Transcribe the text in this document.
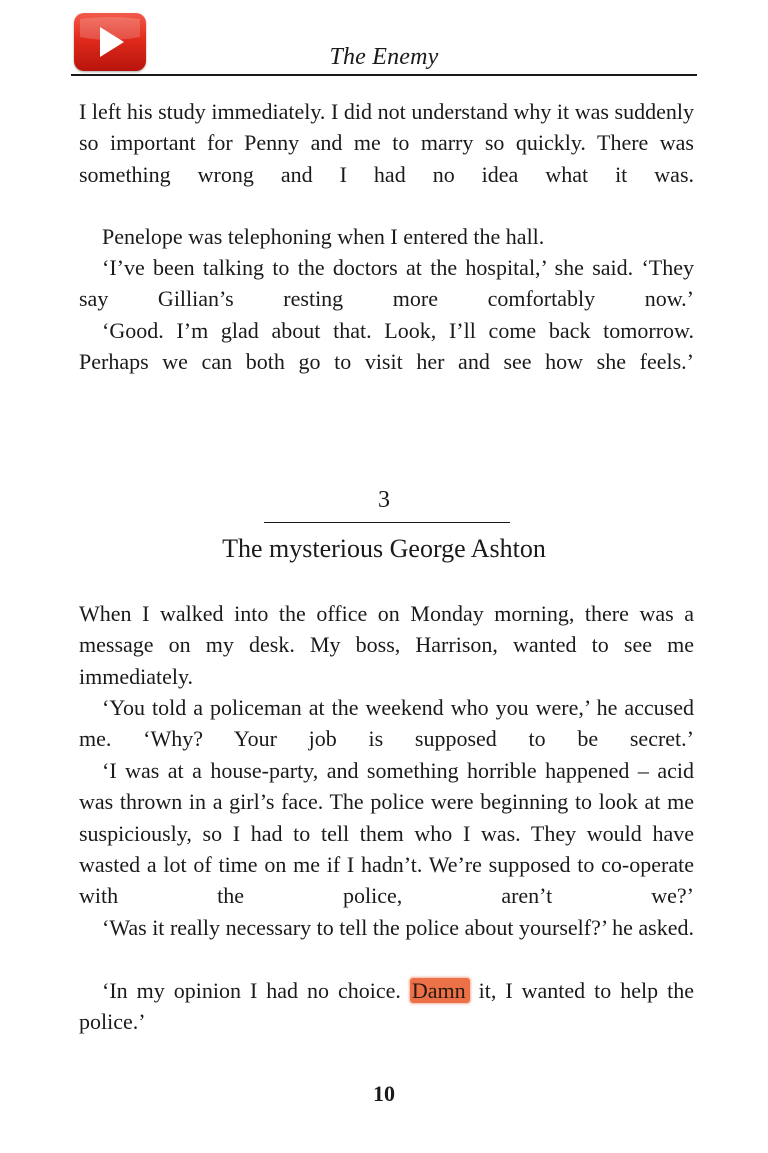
The Enemy

I left his study immediately. I did not understand why it was suddenly so important for Penny and me to marry so quickly. There was something wrong and I had no idea what it was.

Penelope was telephoning when I entered the hall.

‘I’ve been talking to the doctors at the hospital,’ she said. ‘They say Gillian’s resting more comfortably now.’

‘Good. I’m glad about that. Look, I’ll come back tomorrow. Perhaps we can both go to visit her and see how she feels.’

3
The mysterious George Ashton

When I walked into the office on Monday morning, there was a message on my desk. My boss, Harrison, wanted to see me immediately.

‘You told a policeman at the weekend who you were,’ he accused me. ‘Why? Your job is supposed to be secret.’

‘I was at a house-party, and something horrible happened – acid was thrown in a girl’s face. The police were beginning to look at me suspiciously, so I had to tell them who I was. They would have wasted a lot of time on me if I hadn’t. We’re supposed to co-operate with the police, aren’t we?’

‘Was it really necessary to tell the police about yourself?’ he asked.

‘In my opinion I had no choice. Damn it, I wanted to help the police.’

10
